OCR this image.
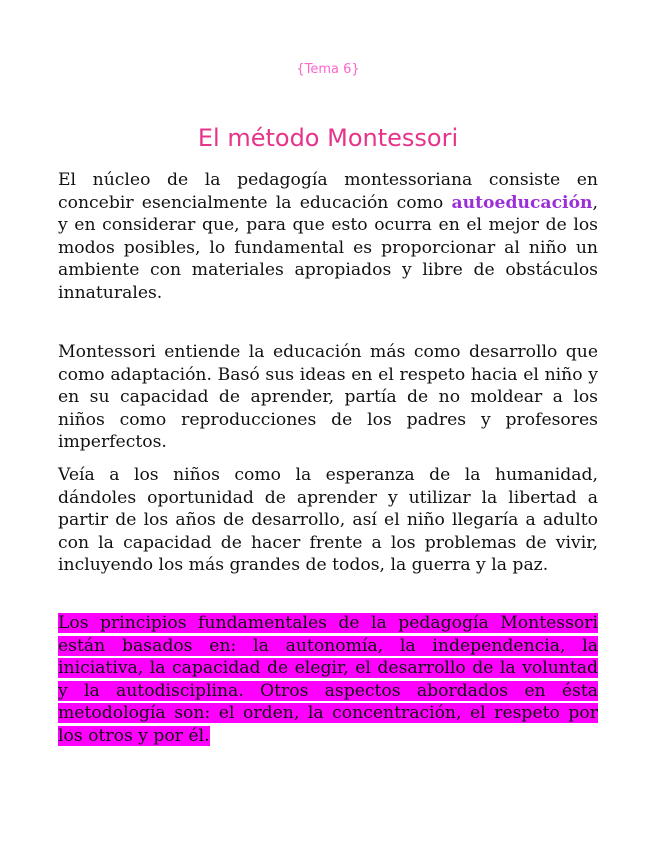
{Tema 6}
El método Montessori

El núcleo de la pedagogía montessoriana consiste en concebir esencialmente la educación como autoeducación, y en considerar que, para que esto ocurra en el mejor de los modos posibles, lo fundamental es proporcionar al niño un ambiente con materiales apropiados y libre de obstáculos innaturales.

Montessori entiende la educación más como desarrollo que como adaptación. Basó sus ideas en el respeto hacia el niño y en su capacidad de aprender, partía de no moldear a los niños como reproducciones de los padres y profesores imperfectos.

Veía a los niños como la esperanza de la humanidad, dándoles oportunidad de aprender y utilizar la libertad a partir de los años de desarrollo, así el niño llegaría a adulto con la capacidad de hacer frente a los problemas de vivir, incluyendo los más grandes de todos, la guerra y la paz.

Los principios fundamentales de la pedagogía Montessori están basados en: la autonomía, la independencia, la iniciativa, la capacidad de elegir, el desarrollo de la voluntad y la autodisciplina. Otros aspectos abordados en ésta metodología son: el orden, la concentración, el respeto por los otros y por él.
